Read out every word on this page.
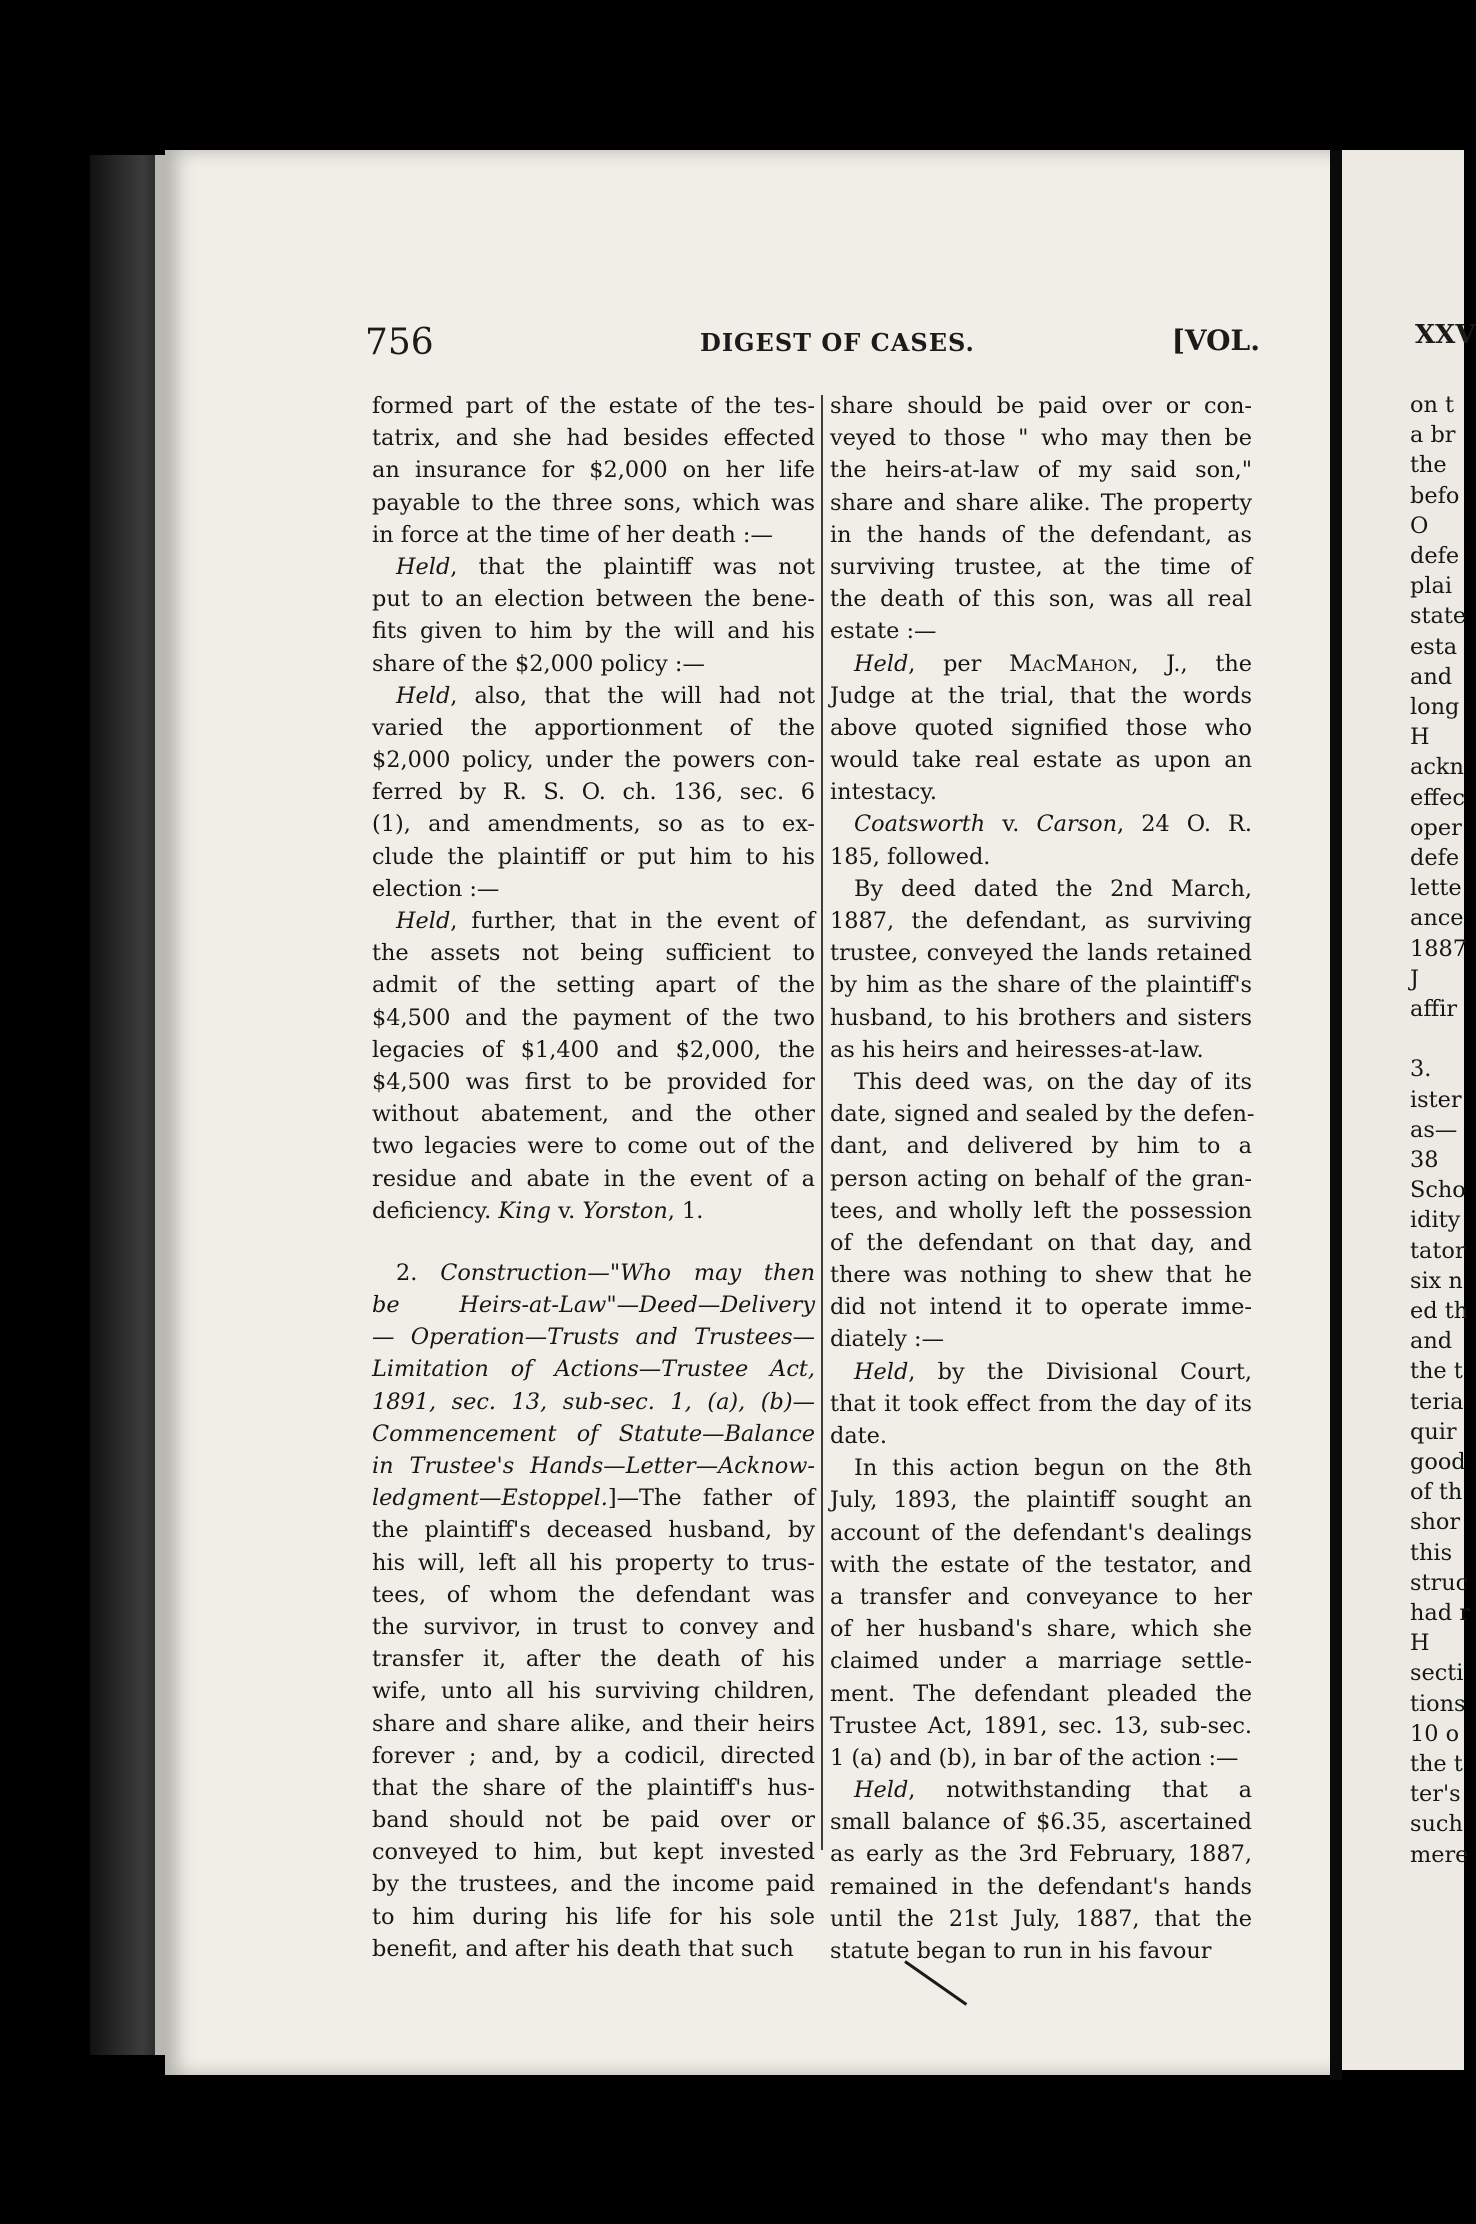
756	DIGEST OF CASES.	[VOL.
formed part of the estate of the tes-
tatrix, and she had besides effected
an insurance for $2,000 on her life
payable to the three sons, which was
in force at the time of her death :—
Held, that the plaintiff was not
put to an election between the bene-
fits given to him by the will and his
share of the $2,000 policy :—
Held, also, that the will had not
varied the apportionment of the
$2,000 policy, under the powers con-
ferred by R. S. O. ch. 136, sec. 6
(1), and amendments, so as to ex-
clude the plaintiff or put him to his
election :—
Held, further, that in the event of
the assets not being sufficient to
admit of the setting apart of the
$4,500 and the payment of the two
legacies of $1,400 and $2,000, the
$4,500 was first to be provided for
without abatement, and the other
two legacies were to come out of the
residue and abate in the event of a
deficiency. King v. Yorston, 1.
2. Construction—"Who may then
be Heirs-at-Law"—Deed—Delivery
— Operation—Trusts and Trustees—
Limitation of Actions—Trustee Act,
1891, sec. 13, sub-sec. 1, (a), (b)—
Commencement of Statute—Balance
in Trustee's Hands—Letter—Acknow-
ledgment—Estoppel.]—The father of
the plaintiff's deceased husband, by
his will, left all his property to trus-
tees, of whom the defendant was
the survivor, in trust to convey and
transfer it, after the death of his
wife, unto all his surviving children,
share and share alike, and their heirs
forever ; and, by a codicil, directed
that the share of the plaintiff's hus-
band should not be paid over or
conveyed to him, but kept invested
by the trustees, and the income paid
to him during his life for his sole
benefit, and after his death that such
share should be paid over or con-
veyed to those " who may then be
the heirs-at-law of my said son,"
share and share alike. The property
in the hands of the defendant, as
surviving trustee, at the time of
the death of this son, was all real
estate :—
Held, per MacMahon, J., the
Judge at the trial, that the words
above quoted signified those who
would take real estate as upon an
intestacy.
Coatsworth v. Carson, 24 O. R.
185, followed.
By deed dated the 2nd March,
1887, the defendant, as surviving
trustee, conveyed the lands retained
by him as the share of the plaintiff's
husband, to his brothers and sisters
as his heirs and heiresses-at-law.
This deed was, on the day of its
date, signed and sealed by the defen-
dant, and delivered by him to a
person acting on behalf of the gran-
tees, and wholly left the possession
of the defendant on that day, and
there was nothing to shew that he
did not intend it to operate imme-
diately :—
Held, by the Divisional Court,
that it took effect from the day of its
date.
In this action begun on the 8th
July, 1893, the plaintiff sought an
account of the defendant's dealings
with the estate of the testator, and
a transfer and conveyance to her
of her husband's share, which she
claimed under a marriage settle-
ment. The defendant pleaded the
Trustee Act, 1891, sec. 13, sub-sec.
1 (a) and (b), in bar of the action :—
Held, notwithstanding that a
small balance of $6.35, ascertained
as early as the 3rd February, 1887,
remained in the defendant's hands
until the 21st July, 1887, that the
statute began to run in his favour
XXV
on t
a br
the
befo
O
defe
plai
state
esta
and
long
H
ackn
effec
oper
defe
lette
ance
1887
J
affir
3.
ister
as—
38
Scho
idity
tator
six n
ed th
and
the t
teria
quir
good
of th
shor
this
struc
had r
H
secti
tions
10 o
the t
ter's
such
mere
